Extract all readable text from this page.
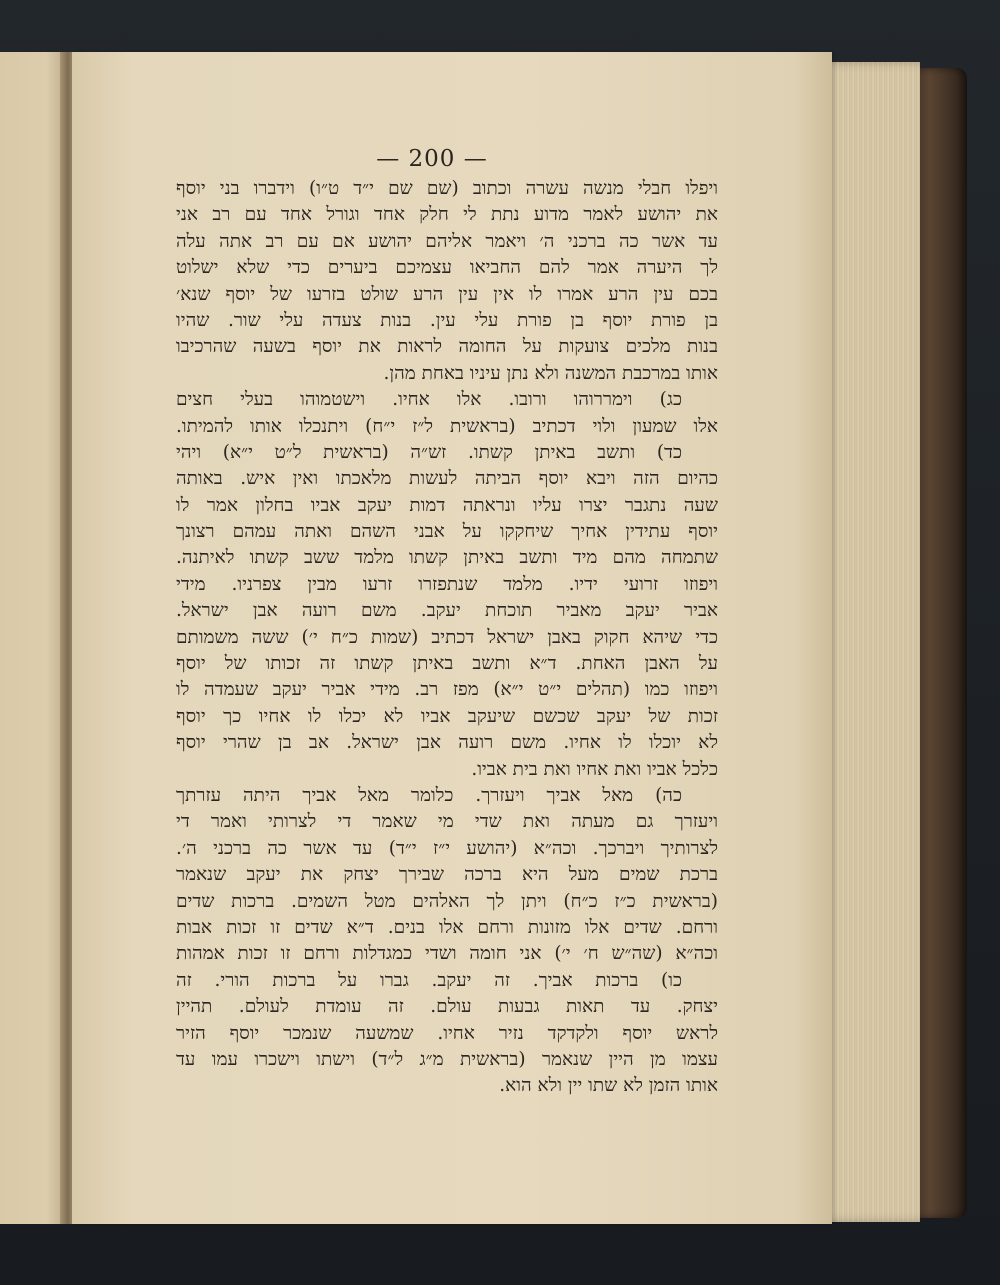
— 200 —
ויפלו חבלי מנשה עשרה וכתוב (שם שם י״ד ט״ו) וידברו בני יוסף
את יהושע לאמר מדוע נתת לי חלק אחד וגורל אחד עם רב אני
עד אשר כה ברכני ה׳ ויאמר אליהם יהושע אם עם רב אתה עלה
לך היערה אמר להם החביאו עצמיכם ביערים כדי שלא ישלוט
בכם עין הרע אמרו לו אין עין הרע שולט בזרעו של יוסף שנא׳
בן פורת יוסף בן פורת עלי עין. בנות צעדה עלי שור. שהיו
בנות מלכים צועקות על החומה לראות את יוסף בשעה שהרכיבו
אותו במרכבת המשנה ולא נתן עיניו באחת מהן.
כג) וימררוהו ורובו. אלו אחיו. וישטמוהו בעלי חצים
אלו שמעון ולוי דכתיב (בראשית ל״ז י״ח) ויתנכלו אותו להמיתו.
כד) ותשב באיתן קשתו. זש״ה (בראשית ל״ט י״א) ויהי
כהיום הזה ויבא יוסף הביתה לעשות מלאכתו ואין איש. באותה
שעה נתגבר יצרו עליו ונראתה דמות יעקב אביו בחלון אמר לו
יוסף עתידין אחיך שיחקקו על אבני השהם ואתה עמהם רצונך
שתמחה מהם מיד ותשב באיתן קשתו מלמד ששב קשתו לאיתנה.
ויפוזו זרועי ידיו. מלמד שנתפזרו זרעו מבין צפרניו. מידי
אביר יעקב מאביר תוכחת יעקב. משם רועה אבן ישראל.
כדי שיהא חקוק באבן ישראל דכתיב (שמות כ״ח י׳) ששה משמותם
על האבן האחת. ד״א ותשב באיתן קשתו זה זכותו של יוסף
ויפוזו כמו (תהלים י״ט י״א) מפז רב. מידי אביר יעקב שעמדה לו
זכות של יעקב שכשם שיעקב אביו לא יכלו לו אחיו כך יוסף
לא יוכלו לו אחיו. משם רועה אבן ישראל. אב בן שהרי יוסף
כלכל אביו ואת אחיו ואת בית אביו.
כה) מאל אביך ויעזרך. כלומר מאל אביך היתה עזרתך
ויעזרך גם מעתה ואת שדי מי שאמר די לצרותי ואמר די
לצרותיך ויברכך. וכה״א (יהושע י״ז י״ד) עד אשר כה ברכני ה׳.
ברכת שמים מעל היא ברכה שבירך יצחק את יעקב שנאמר
(בראשית כ״ז כ״ח) ויתן לך האלהים מטל השמים. ברכות שדים
ורחם. שדים אלו מזונות ורחם אלו בנים. ד״א שדים זו זכות אבות
וכה״א (שה״ש ח׳ י׳) אני חומה ושדי כמגדלות ורחם זו זכות אמהות
כו) ברכות אביך. זה יעקב. גברו על ברכות הורי. זה
יצחק. עד תאות גבעות עולם. זה עומדת לעולם. תהיין
לראש יוסף ולקדקד נזיר אחיו. שמשעה שנמכר יוסף הזיר
עצמו מן היין שנאמר (בראשית מ״ג ל״ד) וישתו וישכרו עמו עד
אותו הזמן לא שתו יין ולא הוא.
